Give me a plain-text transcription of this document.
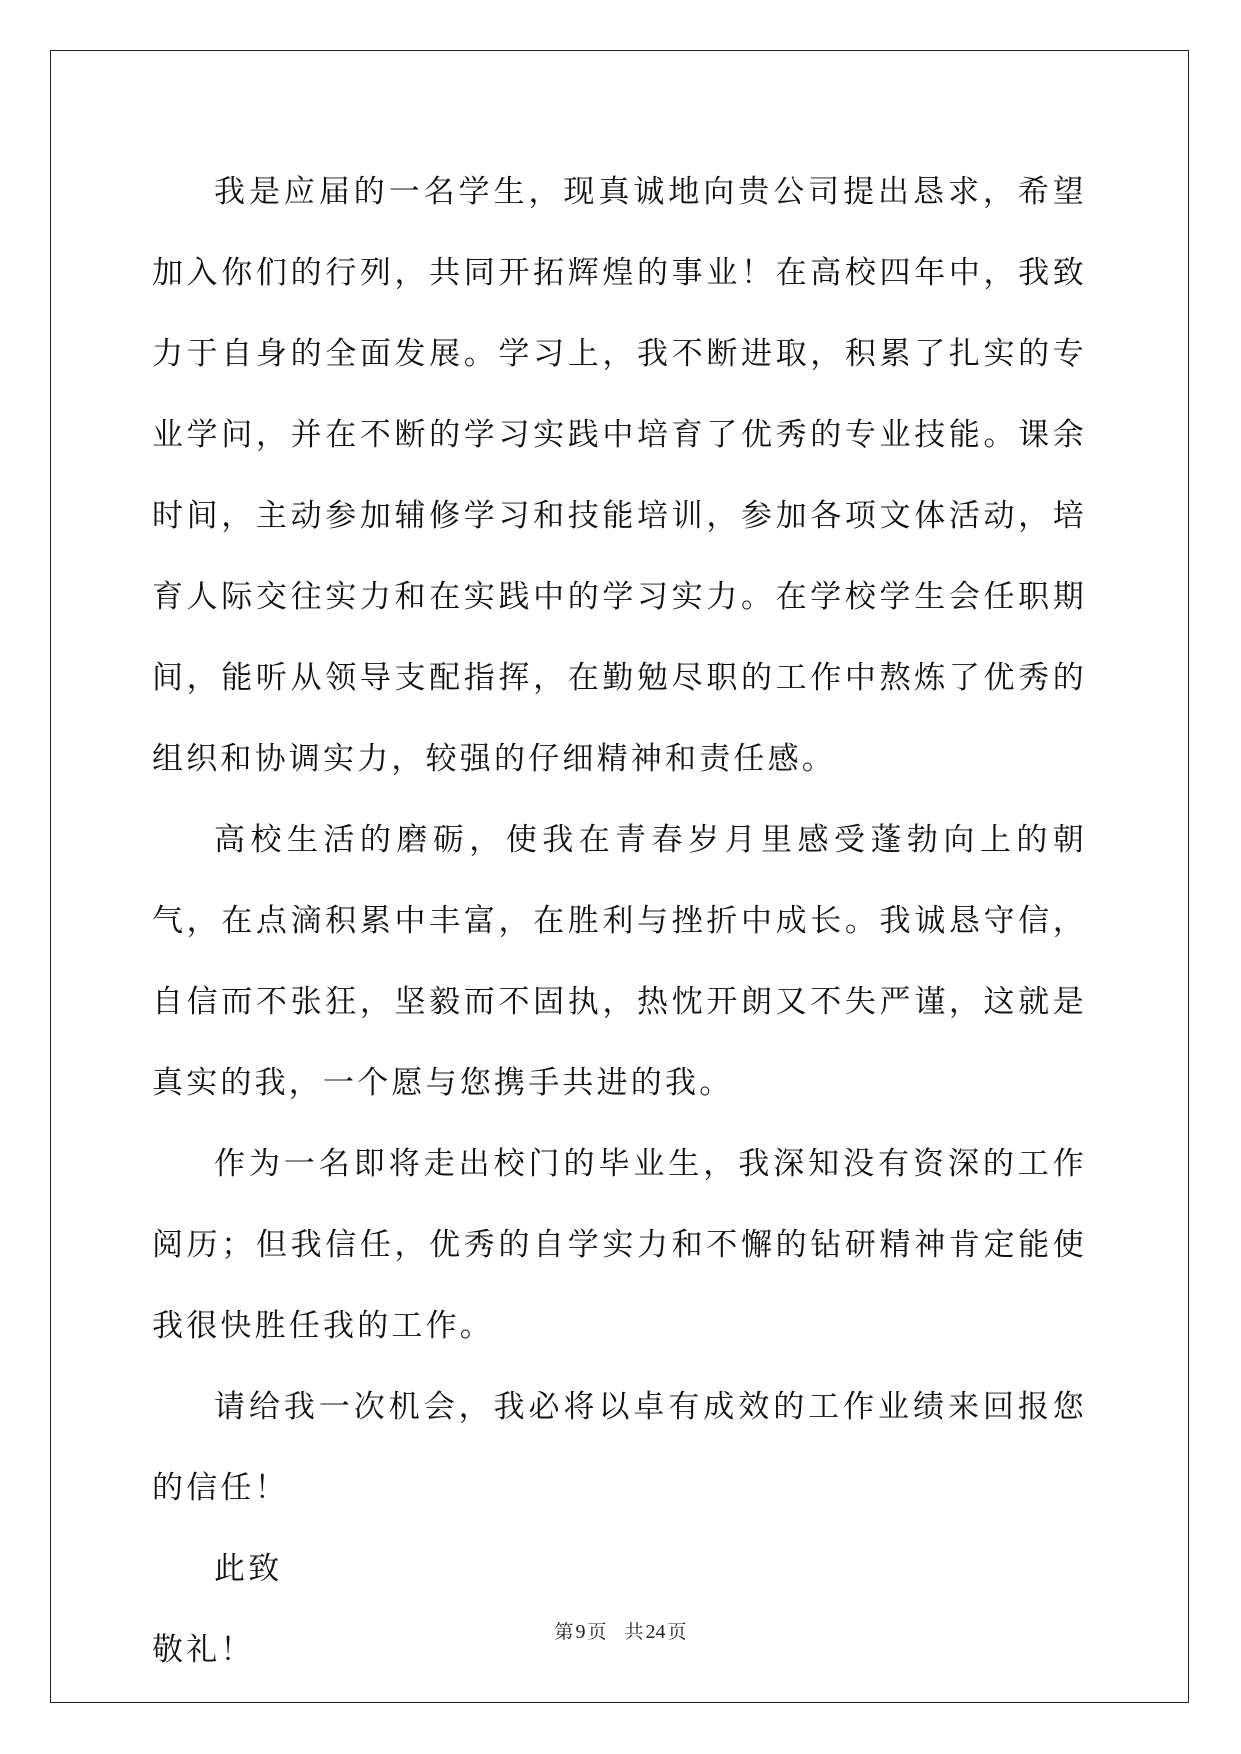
我是应届的一名学生，现真诚地向贵公司提出恳求，希望加入你们的行列，共同开拓辉煌的事业！在高校四年中，我致力于自身的全面发展。学习上，我不断进取，积累了扎实的专业学问，并在不断的学习实践中培育了优秀的专业技能。课余时间，主动参加辅修学习和技能培训，参加各项文体活动，培育人际交往实力和在实践中的学习实力。在学校学生会任职期间，能听从领导支配指挥，在勤勉尽职的工作中熬炼了优秀的组织和协调实力，较强的仔细精神和责任感。

高校生活的磨砺，使我在青春岁月里感受蓬勃向上的朝气，在点滴积累中丰富，在胜利与挫折中成长。我诚恳守信，自信而不张狂，坚毅而不固执，热忱开朗又不失严谨，这就是真实的我，一个愿与您携手共进的我。

作为一名即将走出校门的毕业生，我深知没有资深的工作阅历；但我信任，优秀的自学实力和不懈的钻研精神肯定能使我很快胜任我的工作。

请给我一次机会，我必将以卓有成效的工作业绩来回报您的信任！

此致

敬礼！	第 9 页 共 24 页
